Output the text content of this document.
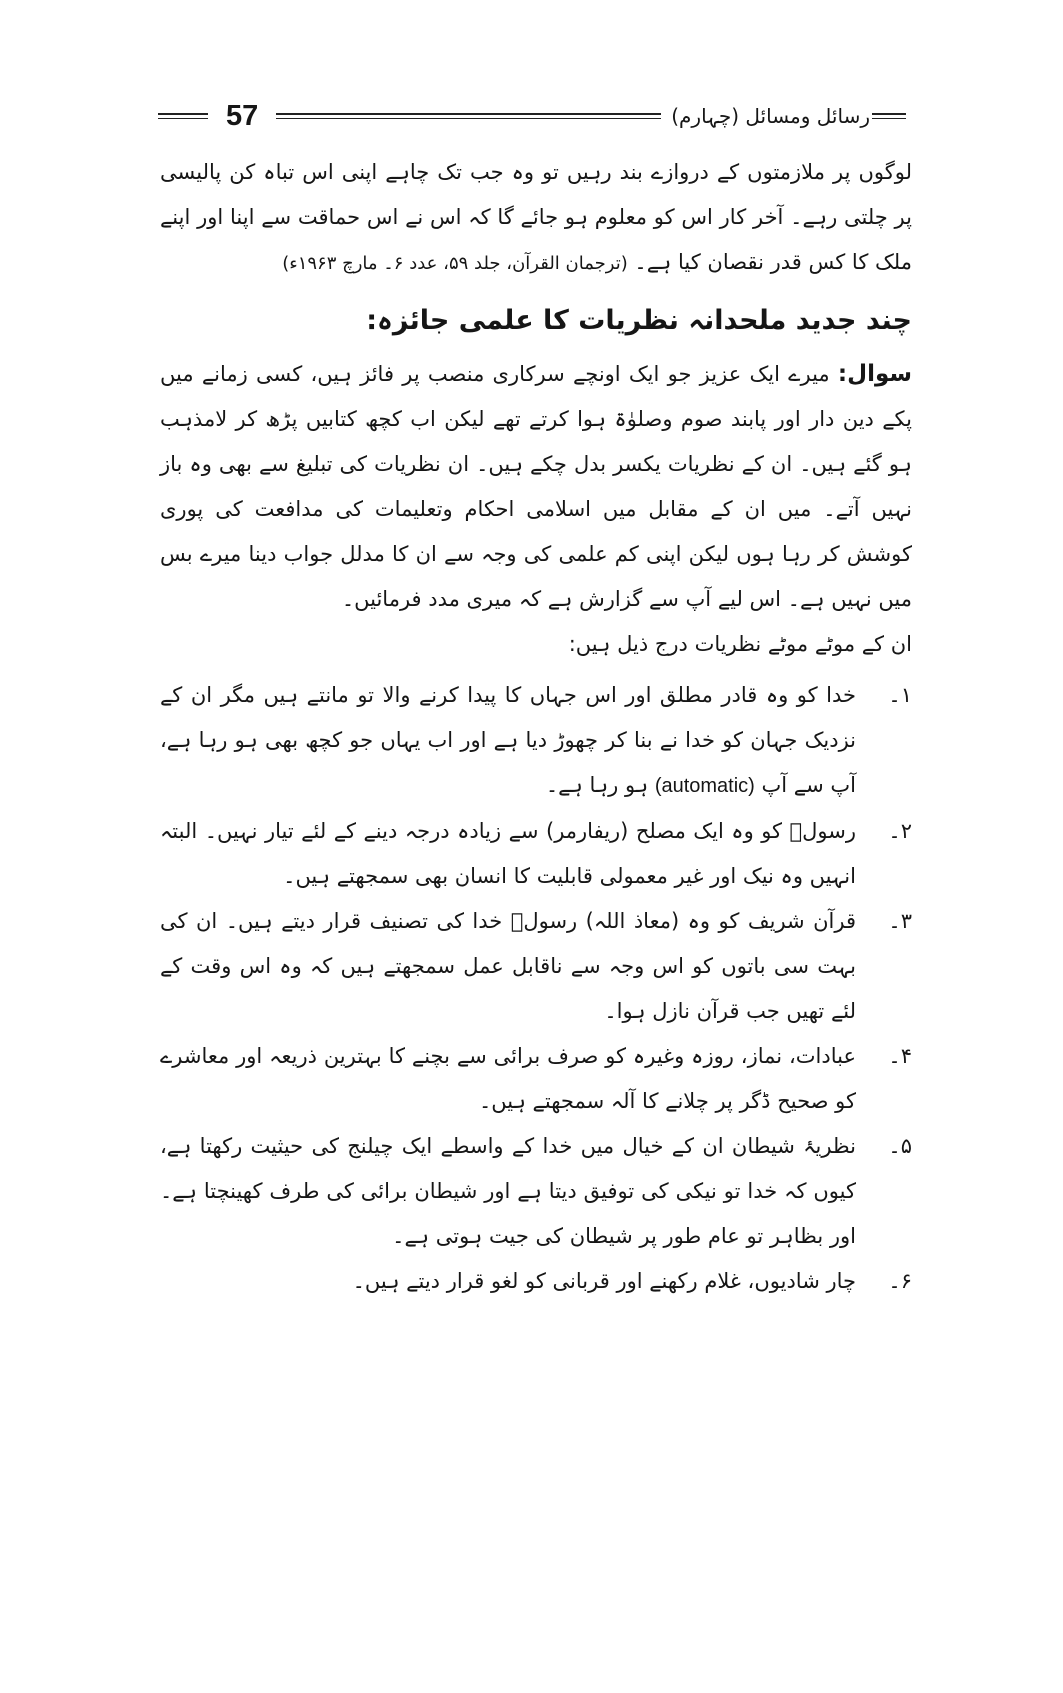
57	رسائل ومسائل (چہارم)

لوگوں پر ملازمتوں کے دروازے بند رہیں تو وہ جب تک چاہے اپنی اس تباہ کن پالیسی پر چلتی رہے۔ آخر کار اس کو معلوم ہو جائے گا کہ اس نے اس حماقت سے اپنا اور اپنے ملک کا کس قدر نقصان کیا ہے۔ (ترجمان القرآن، جلد ۵۹، عدد ۶۔ مارچ ۱۹۶۳ء)

چند جدید ملحدانہ نظریات کا علمی جائزہ:

سوال: میرے ایک عزیز جو ایک اونچے سرکاری منصب پر فائز ہیں، کسی زمانے میں پکے دین دار اور پابند صوم وصلوٰۃ ہوا کرتے تھے لیکن اب کچھ کتابیں پڑھ کر لامذہب ہو گئے ہیں۔ ان کے نظریات یکسر بدل چکے ہیں۔ ان نظریات کی تبلیغ سے بھی وہ باز نہیں آتے۔ میں ان کے مقابل میں اسلامی احکام وتعلیمات کی مدافعت کی پوری کوشش کر رہا ہوں لیکن اپنی کم علمی کی وجہ سے ان کا مدلل جواب دینا میرے بس میں نہیں ہے۔ اس لیے آپ سے گزارش ہے کہ میری مدد فرمائیں۔

ان کے موٹے موٹے نظریات درج ذیل ہیں:

۱۔
خدا کو وہ قادر مطلق اور اس جہاں کا پیدا کرنے والا تو مانتے ہیں مگر ان کے نزدیک جہان کو خدا نے بنا کر چھوڑ دیا ہے اور اب یہاں جو کچھ بھی ہو رہا ہے، آپ سے آپ (automatic) ہو رہا ہے۔
۲۔
رسولؐ کو وہ ایک مصلح (ریفارمر) سے زیادہ درجہ دینے کے لئے تیار نہیں۔ البتہ انہیں وہ نیک اور غیر معمولی قابلیت کا انسان بھی سمجھتے ہیں۔
۳۔
قرآن شریف کو وہ (معاذ اللہ) رسولؐ خدا کی تصنیف قرار دیتے ہیں۔ ان کی بہت سی باتوں کو اس وجہ سے ناقابل عمل سمجھتے ہیں کہ وہ اس وقت کے لئے تھیں جب قرآن نازل ہوا۔
۴۔
عبادات، نماز، روزہ وغیرہ کو صرف برائی سے بچنے کا بہترین ذریعہ اور معاشرے کو صحیح ڈگر پر چلانے کا آلہ سمجھتے ہیں۔
۵۔
نظریۂ شیطان ان کے خیال میں خدا کے واسطے ایک چیلنج کی حیثیت رکھتا ہے، کیوں کہ خدا تو نیکی کی توفیق دیتا ہے اور شیطان برائی کی طرف کھینچتا ہے۔ اور بظاہر تو عام طور پر شیطان کی جیت ہوتی ہے۔
۶۔
چار شادیوں، غلام رکھنے اور قربانی کو لغو قرار دیتے ہیں۔
